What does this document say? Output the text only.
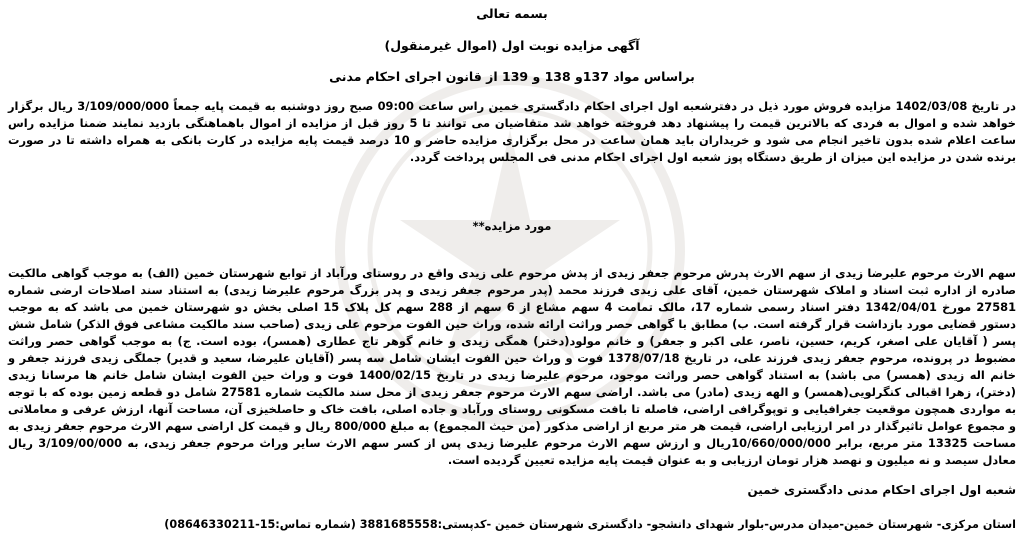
بسمه تعالی
آگهی مزایده نوبت اول (اموال غیرمنقول)
براساس مواد 137و 138 و 139 از قانون اجرای احکام مدنی
در تاریخ 1402/03/08 مزایده فروش مورد ذیل در دفترشعبه اول اجرای احکام دادگستری خمین راس ساعت 09:00 صبح روز دوشنبه به قیمت پایه جمعاً 3/109/000/000 ریال برگزار خواهد شده و اموال به فردی که بالاترین قیمت را پیشنهاد دهد فروخته خواهد شد متقاضیان می توانند تا 5 روز قبل از مزایده از اموال باهماهنگی بازدید نمایند ضمنا مزایده راس ساعت اعلام شده بدون تاخیر انجام می شود و خریداران باید همان ساعت در محل برگزاری مزایده حاضر و 10 درصد قیمت پایه مزایده در کارت بانکی به همراه داشته تا در صورت برنده شدن در مزایده این میزان از طریق دستگاه پوز شعبه اول اجرای احکام مدنی فی المجلس پرداخت گردد.
مورد مزایده**
سهم الارث مرحوم علیرضا زیدی از سهم الارث پدرش مرحوم جعفر زیدی از پدش مرحوم علی زیدی واقع در روستای ورآباد از توابع شهرستان خمین (الف) به موجب گواهی مالکیت صادره از اداره ثبت اسناد و املاک شهرستان خمین، آقای علی زیدی فرزند محمد (پدر مرحوم جعفر زیدی و پدر بزرگ مرحوم علیرضا زیدی) به استناد سند اصلاحات ارضی شماره 27581 مورخ 1342/04/01 دفتر اسناد رسمی شماره 17، مالک تمامت 4 سهم مشاع از 6 سهم از 288 سهم کل پلاک 15 اصلی بخش دو شهرستان خمین می باشد که به موجب دستور قضایی مورد بازداشت قرار گرفته است. ب) مطابق با گواهی حصر وراثت ارائه شده، وراث حین الفوت مرحوم علی زیدی (صاحب سند مالکیت مشاعی فوق الذکر) شامل شش پسر ( آقایان علی اصغر، کریم، حسین، ناصر، علی اکبر و جعفر) و خانم مولود(دختر) همگی زیدی و خانم گوهر تاج عطاری (همسر)، بوده است. ج) به موجب گواهی حصر وراثت مضبوط در پرونده، مرحوم جعفر زیدی فرزند علی، در تاریخ 1378/07/18 فوت و وراث حین الفوت ایشان شامل سه پسر (آقایان علیرضا، سعید و قدیر) جملگی زیدی فرزند جعفر و خانم اله زیدی (همسر) می باشد) به استناد گواهی حصر وراثت موجود، مرحوم علیرضا زیدی در تاریخ 1400/02/15 فوت و وراث حین الفوت ایشان شامل خانم ها مرسانا زیدی (دختر)، زهرا اقبالی کنگرلویی(همسر) و الهه زیدی (مادر) می باشد. اراضی سهم الارث مرحوم جعفر زیدی از محل سند مالکیت شماره 27581 شامل دو قطعه زمین بوده که با توجه به مواردی همچون موقعیت جغرافیایی و توپوگرافی اراضی، فاصله تا بافت مسکونی روستای ورآباد و جاده اصلی، بافت خاک و حاصلخیزی آن، مساحت آنها، ارزش عرفی و معاملاتی و مجموع عوامل تاثیرگذار در امر ارزیابی اراضی، قیمت هر متر مربع از اراضی مذکور (من حیث المجموع) به مبلغ 800/000 ریال و قیمت کل اراضی سهم الارث مرحوم جعفر زیدی به مساحت 13325 متر مربع، برابر 10/660/000/000ریال و ارزش سهم الارث مرحوم علیرضا زیدی پس از کسر سهم الارث سایر وراث مرحوم جعفر زیدی، به 3/109/00/000 ریال معادل سیصد و نه میلیون و نهصد هزار تومان ارزیابی و به عنوان قیمت پایه مزایده تعیین گردیده است.
شعبه اول اجرای احکام مدنی دادگستری خمین
استان مرکزی- شهرستان خمین-میدان مدرس-بلوار شهدای دانشجو- دادگستری شهرستان خمین -کدپستی:3881685558 (شماره تماس:15-08646330211)
